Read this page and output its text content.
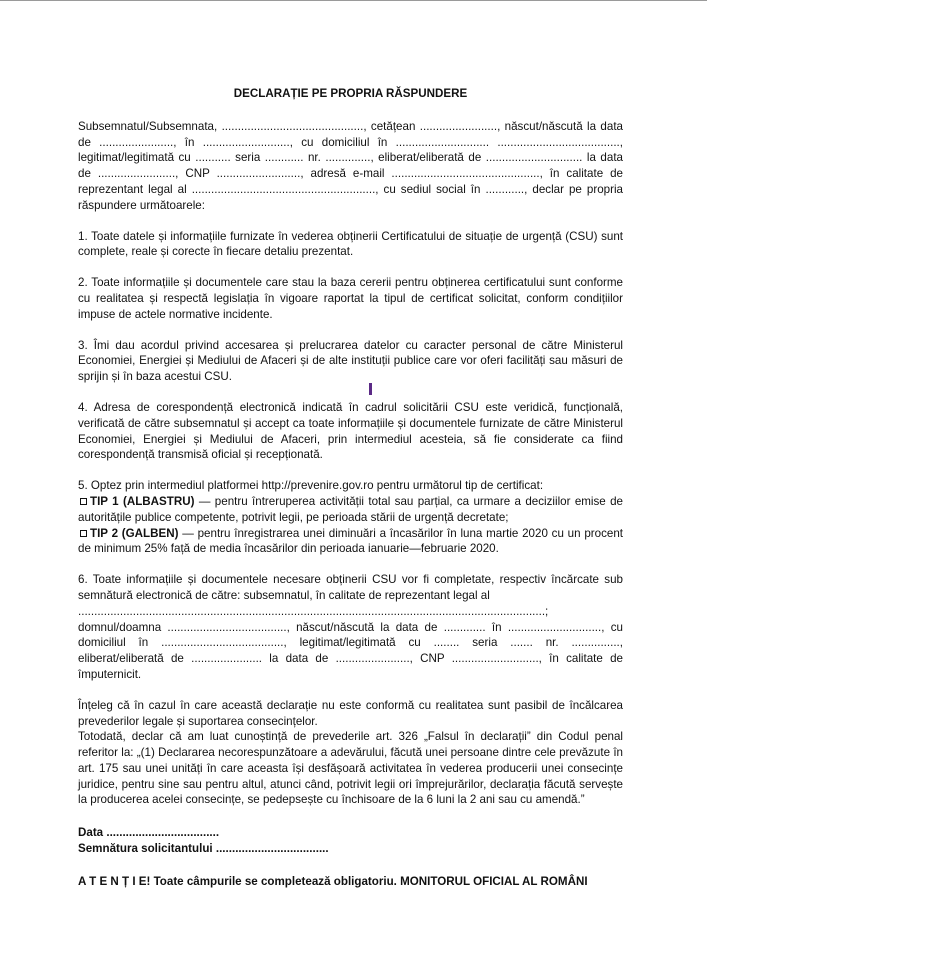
DECLARAȚIE PE PROPRIA RĂSPUNDERE

Subsemnatul/Subsemnata, ............................................, cetățean ........................, născut/născută la data de ......................., în ..........................., cu domiciliul în ............................. ......................................, legitimat/legitimată cu ........... seria ............ nr. .............., eliberat/eliberată de .............................. la data de ........................, CNP .........................., adresă e-mail .............................................., în calitate de reprezentant legal al ........................................................., cu sediul social în ............, declar pe propria răspundere următoarele:

1. Toate datele și informațiile furnizate în vederea obținerii Certificatului de situație de urgență (CSU) sunt complete, reale și corecte în fiecare detaliu prezentat.

2. Toate informațiile și documentele care stau la baza cererii pentru obținerea certificatului sunt conforme cu realitatea și respectă legislația în vigoare raportat la tipul de certificat solicitat, conform condițiilor impuse de actele normative incidente.

3. Îmi dau acordul privind accesarea și prelucrarea datelor cu caracter personal de către Ministerul Economiei, Energiei și Mediului de Afaceri și de alte instituții publice care vor oferi facilități sau măsuri de sprijin și în baza acestui CSU.

4. Adresa de corespondență electronică indicată în cadrul solicitării CSU este veridică, funcțională, verificată de către subsemnatul și accept ca toate informațiile și documentele furnizate de către Ministerul Economiei, Energiei și Mediului de Afaceri, prin intermediul acesteia, să fie considerate ca fiind corespondență transmisă oficial și recepționată.

5. Optez prin intermediul platformei http://prevenire.gov.ro pentru următorul tip de certificat:

TIP 1 (ALBASTRU) — pentru întreruperea activității total sau parțial, ca urmare a deciziilor emise de autoritățile publice competente, potrivit legii, pe perioada stării de urgență decretate;

TIP 2 (GALBEN) — pentru înregistrarea unei diminuări a încasărilor în luna martie 2020 cu un procent de minimum 25% față de media încasărilor din perioada ianuarie—februarie 2020.

6. Toate informațiile și documentele necesare obținerii CSU vor fi completate, respectiv încărcate sub semnătură electronică de către: subsemnatul, în calitate de reprezentant legal al

.................................................................................................................................................;

domnul/doamna ....................................., născut/născută la data de ............. în ............................., cu domiciliul în ......................................, legitimat/legitimată cu ........ seria ....... nr. ..............., eliberat/eliberată de ...................... la data de ......................., CNP ..........................., în calitate de împuternicit.

Înțeleg că în cazul în care această declarație nu este conformă cu realitatea sunt pasibil de încălcarea prevederilor legale și suportarea consecințelor.

Totodată, declar că am luat cunoștință de prevederile art. 326 „Falsul în declarații” din Codul penal referitor la: „(1) Declararea necorespunzătoare a adevărului, făcută unei persoane dintre cele prevăzute în art. 175 sau unei unități în care aceasta își desfășoară activitatea în vederea producerii unei consecințe juridice, pentru sine sau pentru altul, atunci când, potrivit legii ori împrejurărilor, declarația făcută servește la producerea acelei consecințe, se pedepsește cu închisoare de la 6 luni la 2 ani sau cu amendă.”

Data ...................................

Semnătura solicitantului ...................................

A T E N Ț I E! Toate câmpurile se completează obligatoriu. MONITORUL OFICIAL AL ROMÂNI
